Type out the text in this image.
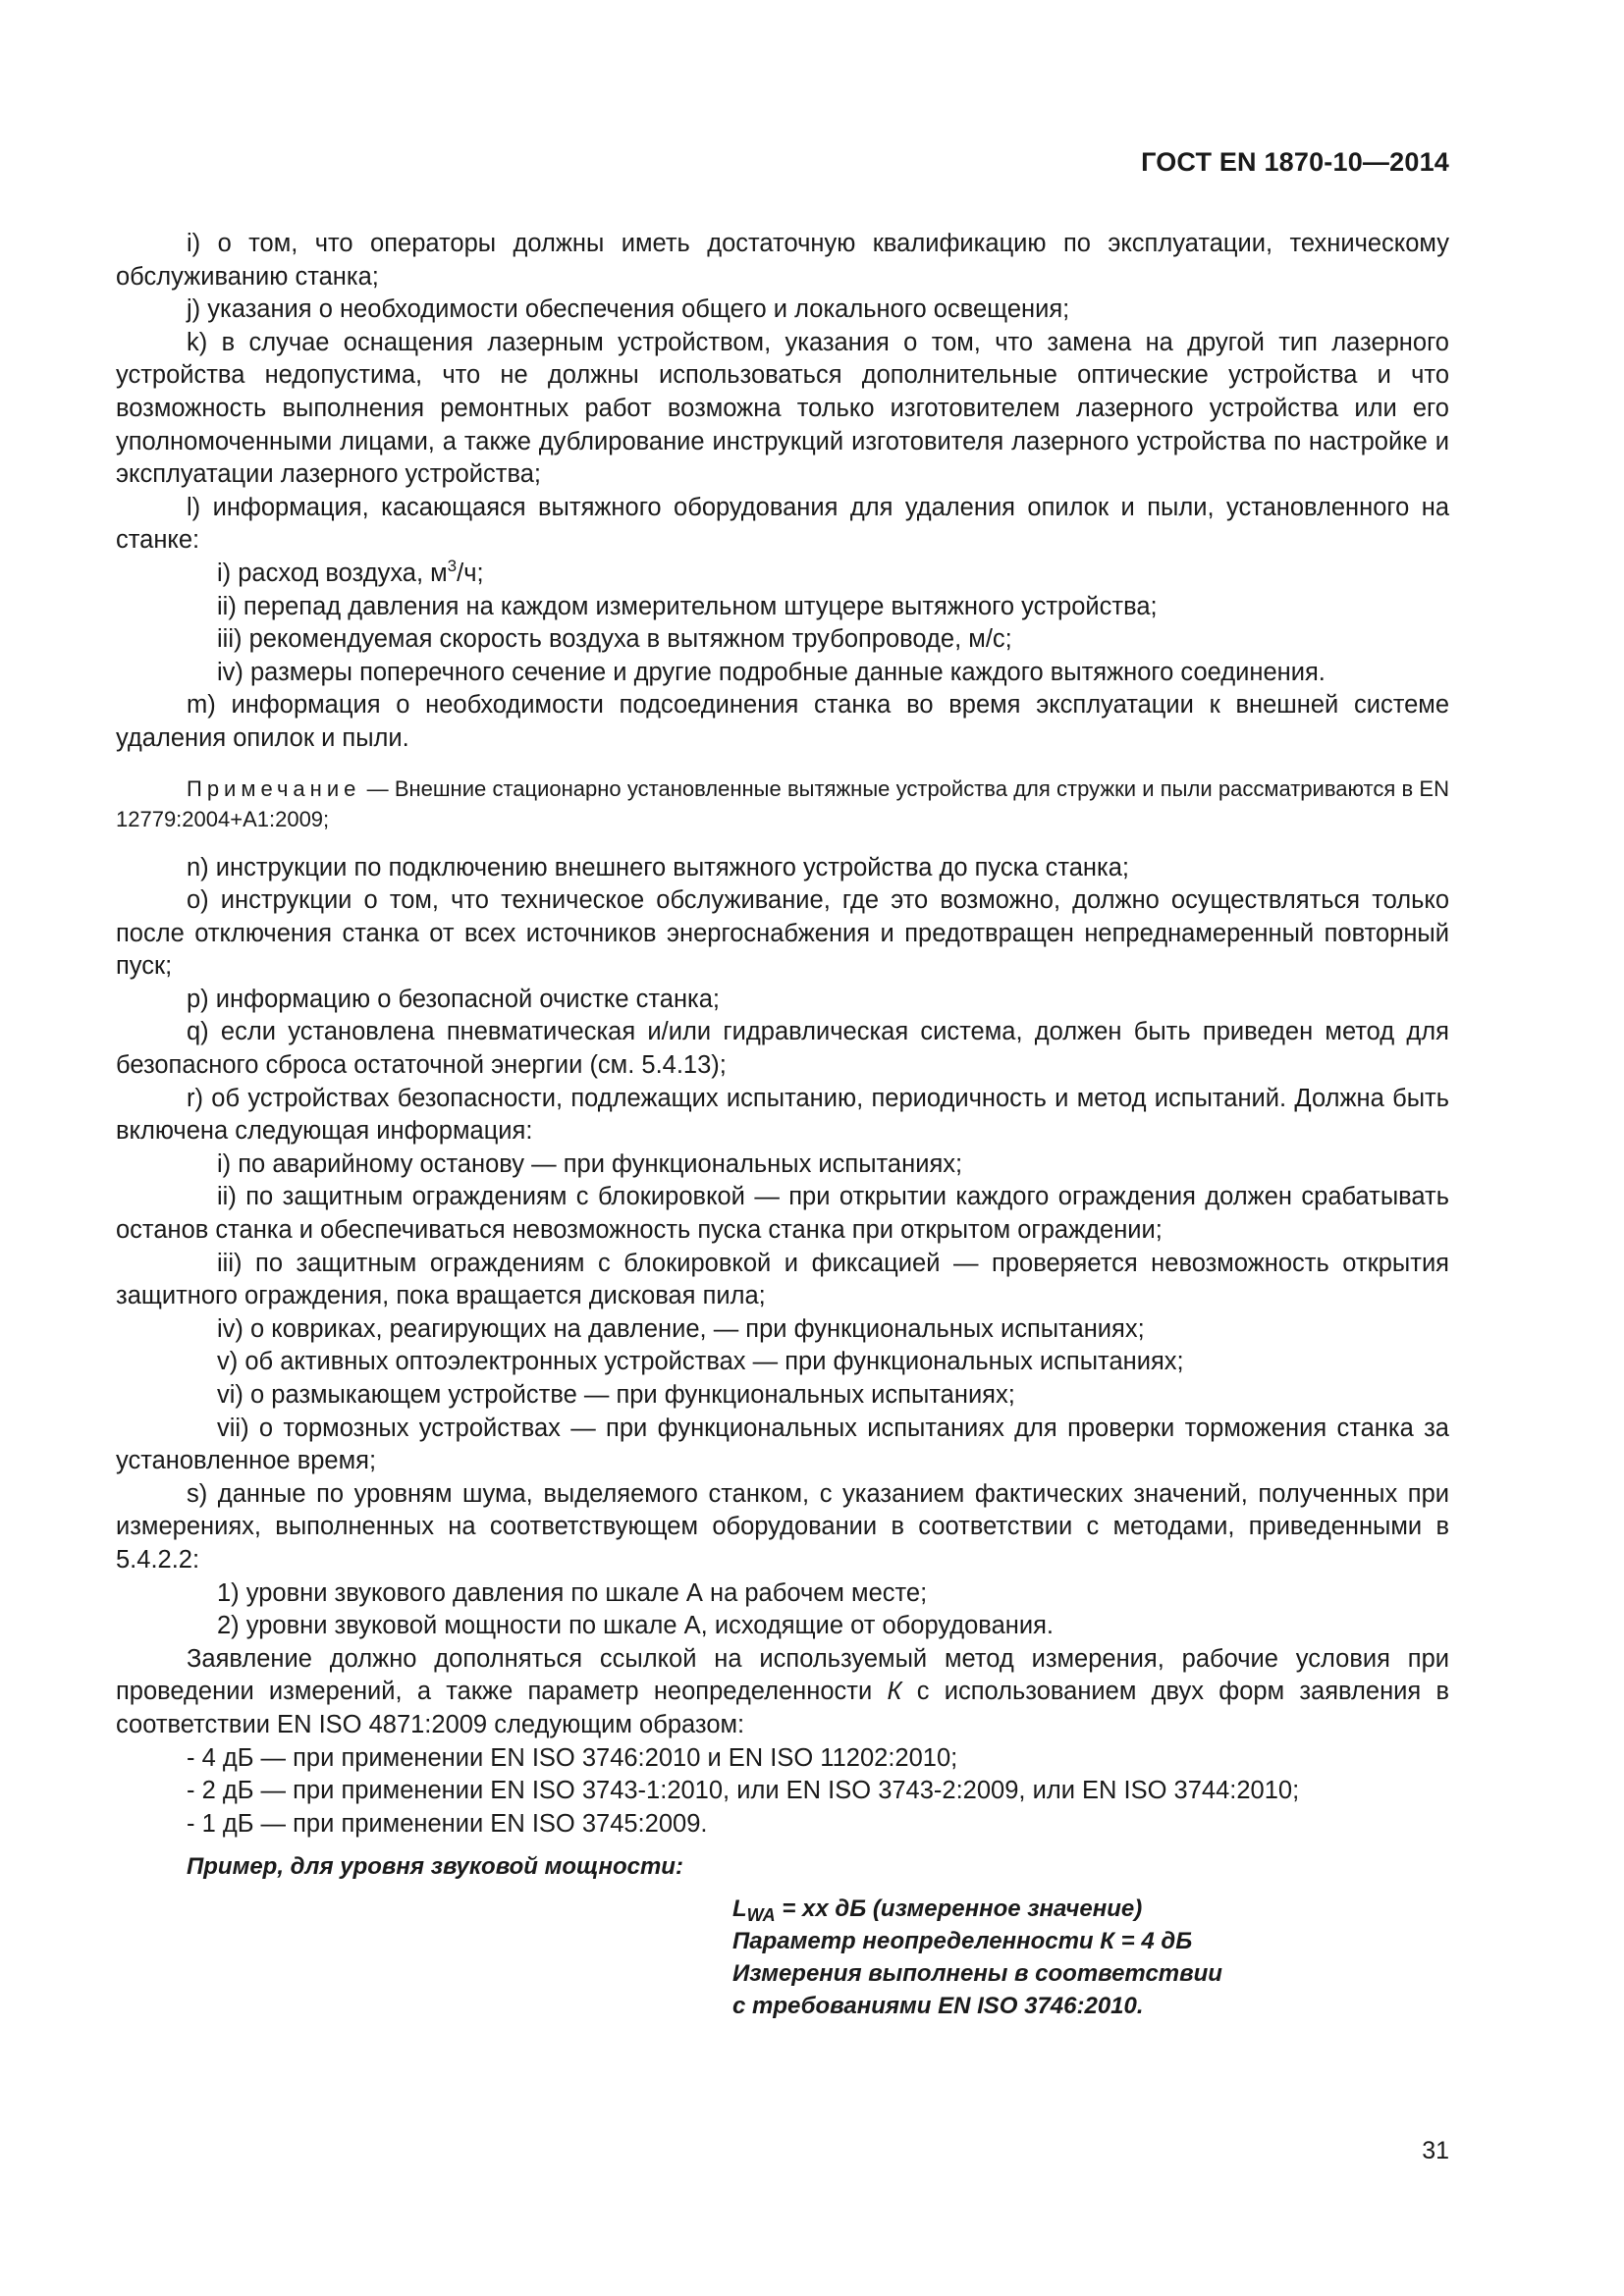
ГОСТ EN 1870-10—2014

i) о том, что операторы должны иметь достаточную квалификацию по эксплуатации, техническому обслуживанию станка;

j) указания о необходимости обеспечения общего и локального освещения;

k) в случае оснащения лазерным устройством, указания о том, что замена на другой тип лазерного устройства недопустима, что не должны использоваться дополнительные оптические устройства и что возможность выполнения ремонтных работ возможна только изготовителем лазерного устройства или его уполномоченными лицами, а также дублирование инструкций изготовителя лазерного устройства по настройке и эксплуатации лазерного устройства;

l) информация, касающаяся вытяжного оборудования для удаления опилок и пыли, установленного на станке:

i) расход воздуха, $м^3/ч$;

ii) перепад давления на каждом измерительном штуцере вытяжного устройства;

iii) рекомендуемая скорость воздуха в вытяжном трубопроводе, м/с;

iv) размеры поперечного сечение и другие подробные данные каждого вытяжного соединения.

m) информация о необходимости подсоединения станка во время эксплуатации к внешней системе удаления опилок и пыли.

Примечание — Внешние стационарно установленные вытяжные устройства для стружки и пыли рассматриваются в EN 12779:2004+A1:2009;

n) инструкции по подключению внешнего вытяжного устройства до пуска станка;

o) инструкции о том, что техническое обслуживание, где это возможно, должно осуществляться только после отключения станка от всех источников энергоснабжения и предотвращен непреднамеренный повторный пуск;

p) информацию о безопасной очистке станка;

q) если установлена пневматическая и/или гидравлическая система, должен быть приведен метод для безопасного сброса остаточной энергии (см. 5.4.13);

r) об устройствах безопасности, подлежащих испытанию, периодичность и метод испытаний. Должна быть включена следующая информация:

i) по аварийному останову — при функциональных испытаниях;

ii) по защитным ограждениям с блокировкой — при открытии каждого ограждения должен срабатывать останов станка и обеспечиваться невозможность пуска станка при открытом ограждении;

iii) по защитным ограждениям с блокировкой и фиксацией — проверяется невозможность открытия защитного ограждения, пока вращается дисковая пила;

iv) о ковриках, реагирующих на давление, — при функциональных испытаниях;

v) об активных оптоэлектронных устройствах — при функциональных испытаниях;

vi) о размыкающем устройстве — при функциональных испытаниях;

vii) о тормозных устройствах — при функциональных испытаниях для проверки торможения станка за установленное время;

s) данные по уровням шума, выделяемого станком, с указанием фактических значений, полученных при измерениях, выполненных на соответствующем оборудовании в соответствии с методами, приведенными в 5.4.2.2:

1) уровни звукового давления по шкале А на рабочем месте;

2) уровни звуковой мощности по шкале А, исходящие от оборудования.

Заявление должно дополняться ссылкой на используемый метод измерения, рабочие условия при проведении измерений, а также параметр неопределенности К с использованием двух форм заявления в соответствии EN ISO 4871:2009 следующим образом:

- 4 дБ — при применении EN ISO 3746:2010 и EN ISO 11202:2010;

- 2 дБ — при применении EN ISO 3743-1:2010, или EN ISO 3743-2:2009, или EN ISO 3744:2010;

- 1 дБ — при применении EN ISO 3745:2009.

Пример, для уровня звуковой мощности:

$L_{WA}$ = xx дБ (измеренное значение)
Параметр неопределенности К = 4 дБ
Измерения выполнены в соответствии
с требованиями EN ISO 3746:2010.
31
